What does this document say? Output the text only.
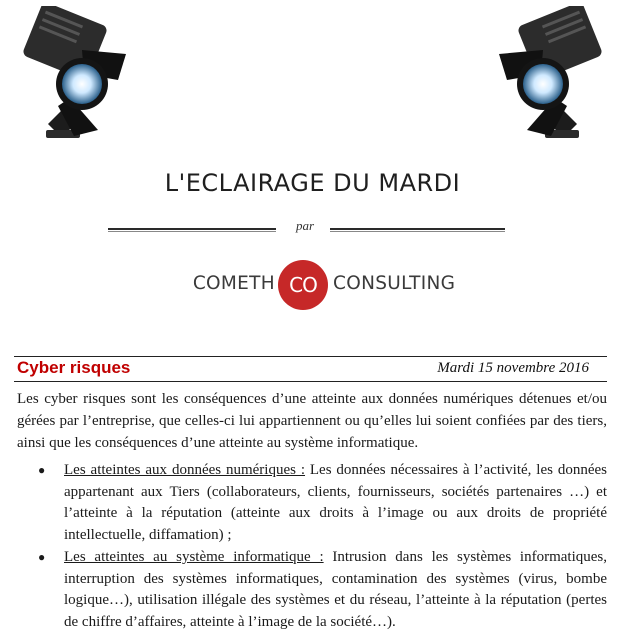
L'ECLAIRAGE DU MARDI
par
COMETH CO CONSULTING
Cyber risques	Mardi 15 novembre 2016

Les cyber risques sont les conséquences d’une atteinte aux données numériques détenues et/ou gérées par l’entreprise, que celles-ci lui appartiennent ou qu’elles lui soient confiées par des tiers, ainsi que les conséquences d’une atteinte au système informatique.

● Les atteintes aux données numériques : Les données nécessaires à l’activité, les données appartenant aux Tiers (collaborateurs, clients, fournisseurs, sociétés partenaires …) et l’atteinte à la réputation (atteinte aux droits à l’image ou aux droits de propriété intellectuelle, diffamation) ;
● Les atteintes au système informatique : Intrusion dans les systèmes informatiques, interruption des systèmes informatiques, contamination des systèmes (virus, bombe logique…), utilisation illégale des systèmes et du réseau, l’atteinte à la réputation (pertes de chiffre d’affaires, atteinte à l’image de la société…).
